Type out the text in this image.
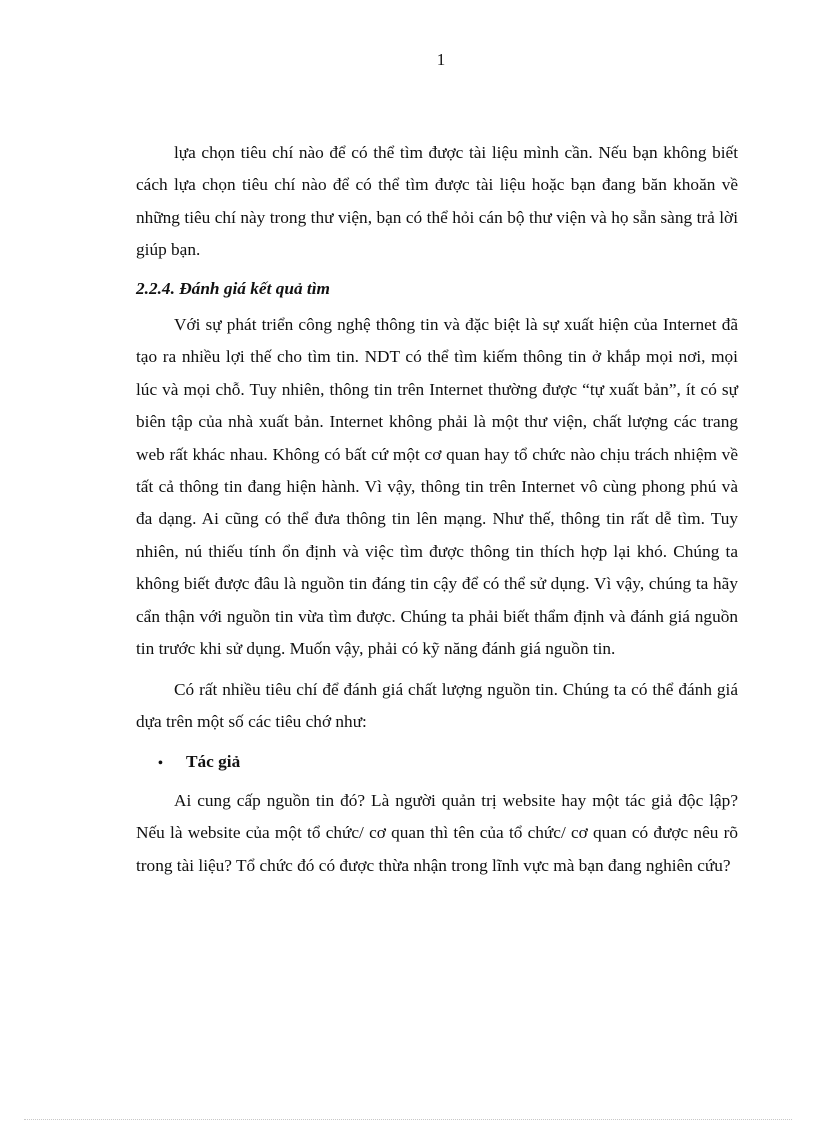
1

lựa chọn tiêu chí nào để có thể tìm được tài liệu mình cần. Nếu bạn không biết cách lựa chọn tiêu chí nào để có thể tìm được tài liệu hoặc bạn đang băn khoăn về những tiêu chí này trong thư viện, bạn có thể hỏi cán bộ thư viện và họ sẵn sàng trả lời giúp bạn.

2.2.4. Đánh giá kết quả tìm

Với sự phát triển công nghệ thông tin và đặc biệt là sự xuất hiện của Internet đã tạo ra nhiều lợi thế cho tìm tin. NDT có thể tìm kiếm thông tin ở khắp mọi nơi, mọi lúc và mọi chỗ. Tuy nhiên, thông tin trên Internet thường được “tự xuất bản”, ít có sự biên tập của nhà xuất bản. Internet không phải là một thư viện, chất lượng các trang web rất khác nhau. Không có bất cứ một cơ quan hay tổ chức nào chịu trách nhiệm về tất cả thông tin đang hiện hành. Vì vậy, thông tin trên Internet vô cùng phong phú và đa dạng. Ai cũng có thể đưa thông tin lên mạng. Như thế, thông tin rất dễ tìm. Tuy nhiên, nú thiếu tính ổn định và việc tìm được thông tin thích hợp lại khó. Chúng ta không biết được đâu là nguồn tin đáng tin cậy để có thể sử dụng. Vì vậy, chúng ta hãy cẩn thận với nguồn tin vừa tìm được. Chúng ta phải biết thẩm định và đánh giá nguồn tin trước khi sử dụng. Muốn vậy, phải có kỹ năng đánh giá nguồn tin.

Có rất nhiều tiêu chí để đánh giá chất lượng nguồn tin. Chúng ta có thể đánh giá dựa trên một số các tiêu chớ như:

•	Tác giả

Ai cung cấp nguồn tin đó? Là người quản trị website hay một tác giả độc lập? Nếu là website của một tổ chức/ cơ quan thì tên của tổ chức/ cơ quan có được nêu rõ trong tài liệu? Tổ chức đó có được thừa nhận trong lĩnh vực mà bạn đang nghiên cứu?
